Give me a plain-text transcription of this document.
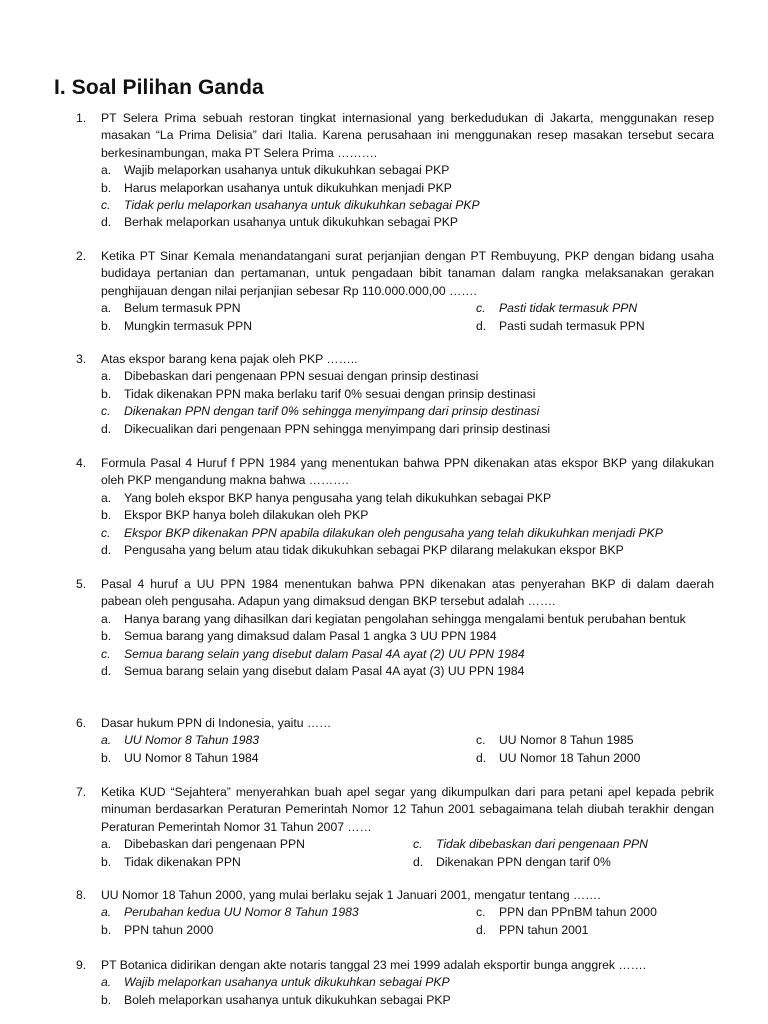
I. Soal Pilihan Ganda
1.	PT Selera Prima sebuah restoran tingkat internasional yang berkedudukan di Jakarta, menggunakan resep masakan “La Prima Delisia” dari Italia. Karena perusahaan ini menggunakan resep masakan tersebut secara berkesinambungan, maka PT Selera Prima ……….
a.	Wajib melaporkan usahanya untuk dikukuhkan sebagai PKP
b.	Harus melaporkan usahanya untuk dikukuhkan menjadi PKP
c.	Tidak perlu melaporkan usahanya untuk dikukuhkan sebagai PKP
d.	Berhak melaporkan usahanya untuk dikukuhkan sebagai PKP
2.	Ketika PT Sinar Kemala menandatangani surat perjanjian dengan PT Rembuyung, PKP dengan bidang usaha budidaya pertanian dan pertamanan, untuk pengadaan bibit tanaman dalam rangka melaksanakan gerakan penghijauan dengan nilai perjanjian sebesar Rp 110.000.000,00 …….
a.	Belum termasuk PPN	c.	Pasti tidak termasuk PPN
b.	Mungkin termasuk PPN	d.	Pasti sudah termasuk PPN
3.	Atas ekspor barang kena pajak oleh PKP ……..
a.	Dibebaskan dari pengenaan PPN sesuai dengan prinsip destinasi
b.	Tidak dikenakan PPN maka berlaku tarif 0% sesuai dengan prinsip destinasi
c.	Dikenakan PPN dengan tarif 0% sehingga menyimpang dari prinsip destinasi
d.	Dikecualikan dari pengenaan PPN sehingga menyimpang dari prinsip destinasi
4.	Formula Pasal 4 Huruf f PPN 1984 yang menentukan bahwa PPN dikenakan atas ekspor BKP yang dilakukan oleh PKP mengandung makna bahwa ……….
a.	Yang boleh ekspor BKP hanya pengusaha yang telah dikukuhkan sebagai PKP
b.	Ekspor BKP hanya boleh dilakukan oleh PKP
c.	Ekspor BKP dikenakan PPN apabila dilakukan oleh pengusaha yang telah dikukuhkan menjadi PKP
d.	Pengusaha yang belum atau tidak dikukuhkan sebagai PKP dilarang melakukan ekspor BKP
5.	Pasal 4 huruf a UU PPN 1984 menentukan bahwa PPN dikenakan atas penyerahan BKP di dalam daerah pabean oleh pengusaha. Adapun yang dimaksud dengan BKP tersebut adalah …….
a.	Hanya barang yang dihasilkan dari kegiatan pengolahan sehingga mengalami bentuk perubahan bentuk
b.	Semua barang yang dimaksud dalam Pasal 1 angka 3 UU PPN 1984
c.	Semua barang selain yang disebut dalam Pasal 4A ayat (2) UU PPN 1984
d.	Semua barang selain yang disebut dalam Pasal 4A ayat (3) UU PPN 1984
6.	Dasar hukum PPN di Indonesia, yaitu ……
a.	UU Nomor 8 Tahun 1983	c.	UU Nomor 8 Tahun 1985
b.	UU Nomor 8 Tahun 1984	d.	UU Nomor 18 Tahun 2000
7.	Ketika KUD “Sejahtera” menyerahkan buah apel segar yang dikumpulkan dari para petani apel kepada pebrik minuman berdasarkan Peraturan Pemerintah Nomor 12 Tahun 2001 sebagaimana telah diubah terakhir dengan Peraturan Pemerintah Nomor 31 Tahun 2007 ……
a.	Dibebaskan dari pengenaan PPN	c.	Tidak dibebaskan dari pengenaan PPN
b.	Tidak dikenakan PPN	d.	Dikenakan PPN dengan tarif 0%
8.	UU Nomor 18 Tahun 2000, yang mulai berlaku sejak 1 Januari 2001, mengatur tentang …….
a.	Perubahan kedua UU Nomor 8 Tahun 1983	c.	PPN dan PPnBM tahun 2000
b.	PPN tahun 2000	d.	PPN tahun 2001
9.	PT Botanica didirikan dengan akte notaris tanggal 23 mei 1999 adalah eksportir bunga anggrek …….
a.	Wajib melaporkan usahanya untuk dikukuhkan sebagai PKP
b.	Boleh melaporkan usahanya untuk dikukuhkan sebagai PKP
